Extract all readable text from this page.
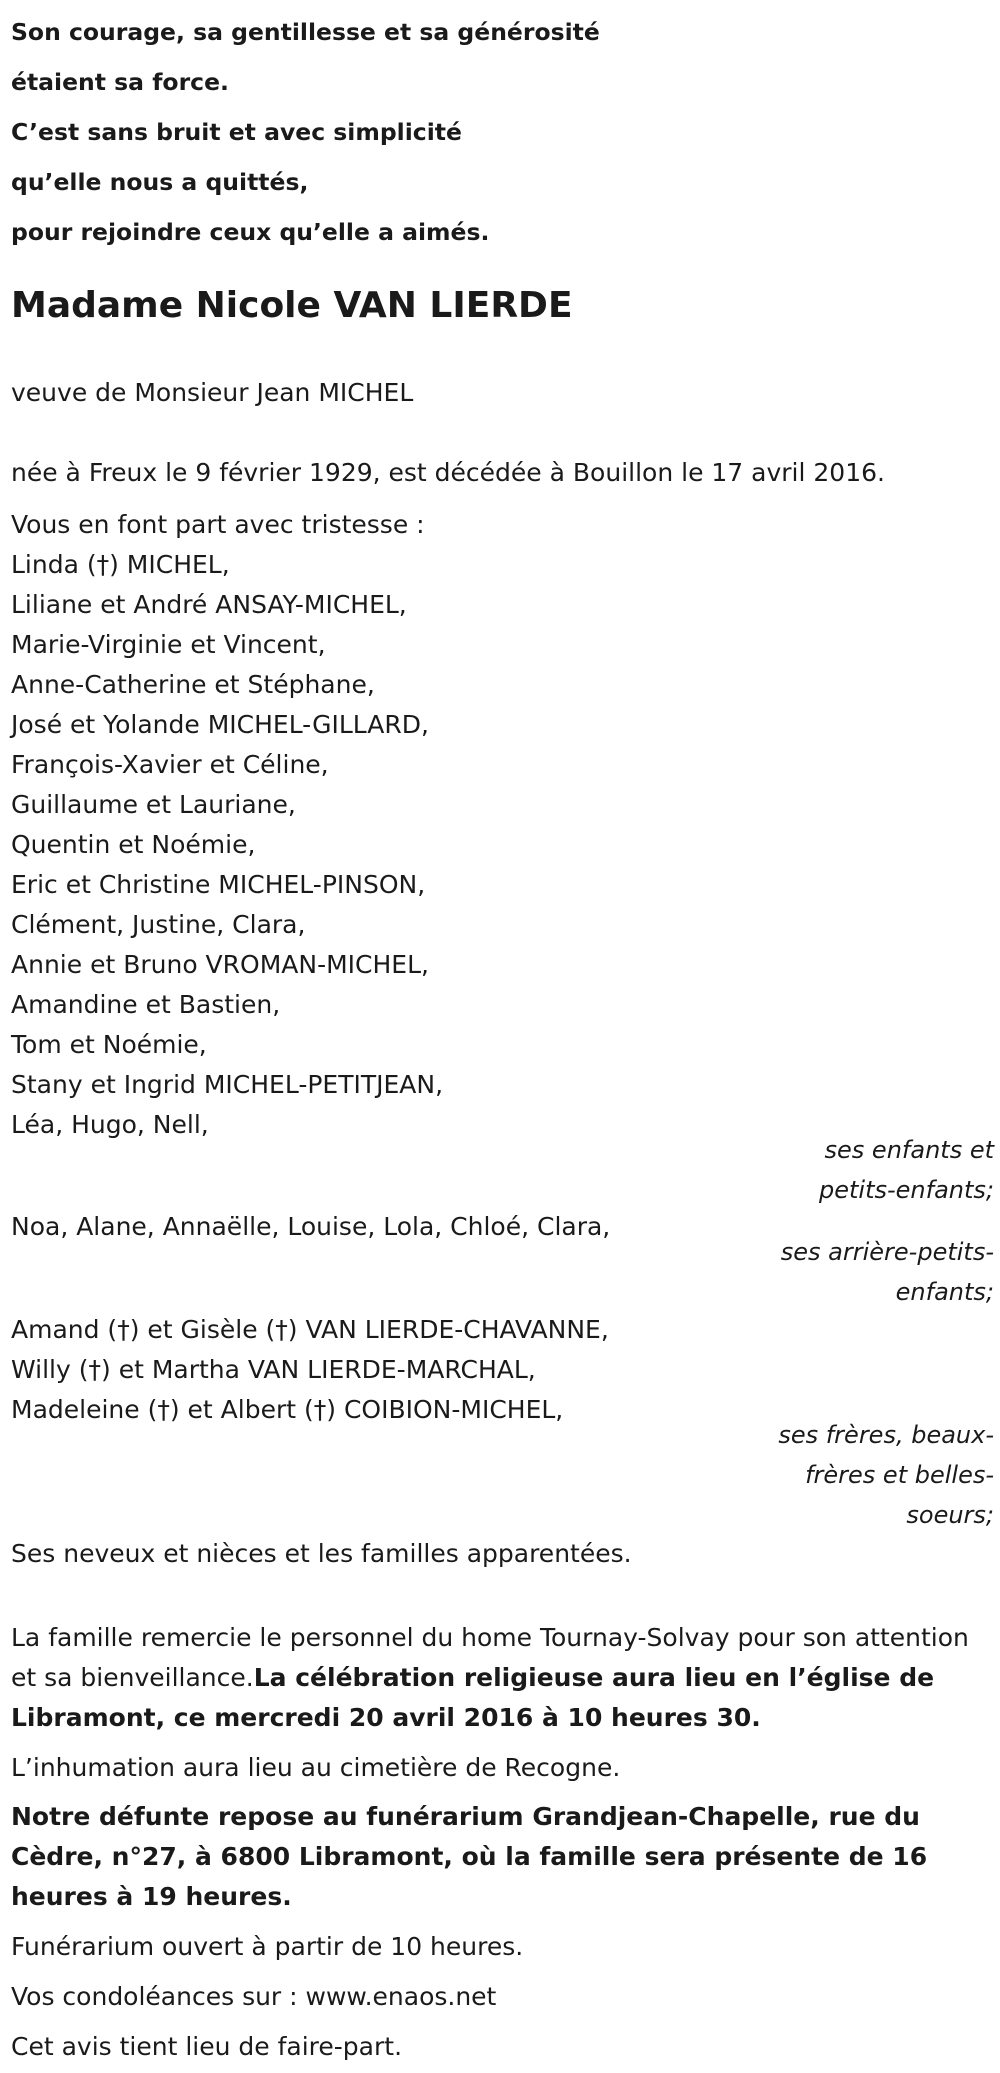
Son courage, sa gentillesse et sa générosité
étaient sa force.
C’est sans bruit et avec simplicité
qu’elle nous a quittés,
pour rejoindre ceux qu’elle a aimés.
Madame Nicole VAN LIERDE
veuve de Monsieur Jean MICHEL
née à Freux le 9 février 1929, est décédée à Bouillon le 17 avril 2016.
Vous en font part avec tristesse :
Linda (†) MICHEL,
Liliane et André ANSAY-MICHEL,
Marie-Virginie et Vincent,
Anne-Catherine et Stéphane,
José et Yolande MICHEL-GILLARD,
François-Xavier et Céline,
Guillaume et Lauriane,
Quentin et Noémie,
Eric et Christine MICHEL-PINSON,
Clément, Justine, Clara,
Annie et Bruno VROMAN-MICHEL,
Amandine et Bastien,
Tom et Noémie,
Stany et Ingrid MICHEL-PETITJEAN,
Léa, Hugo, Nell,
ses enfants et
petits-enfants;
Noa, Alane, Annaëlle, Louise, Lola, Chloé, Clara,
ses arrière-petits-
enfants;
Amand (†) et Gisèle (†) VAN LIERDE-CHAVANNE,
Willy (†) et Martha VAN LIERDE-MARCHAL,
Madeleine (†) et Albert (†) COIBION-MICHEL,
ses frères, beaux-
frères et belles-
soeurs;
Ses neveux et nièces et les familles apparentées.
La famille remercie le personnel du home Tournay-Solvay pour son attention et sa bienveillance.La célébration religieuse aura lieu en l’église de Libramont, ce mercredi 20 avril 2016 à 10 heures 30.
L’inhumation aura lieu au cimetière de Recogne.
Notre défunte repose au funérarium Grandjean-Chapelle, rue du Cèdre, n°27, à 6800 Libramont, où la famille sera présente de 16 heures à 19 heures.
Funérarium ouvert à partir de 10 heures.
Vos condoléances sur : www.enaos.net
Cet avis tient lieu de faire-part.
